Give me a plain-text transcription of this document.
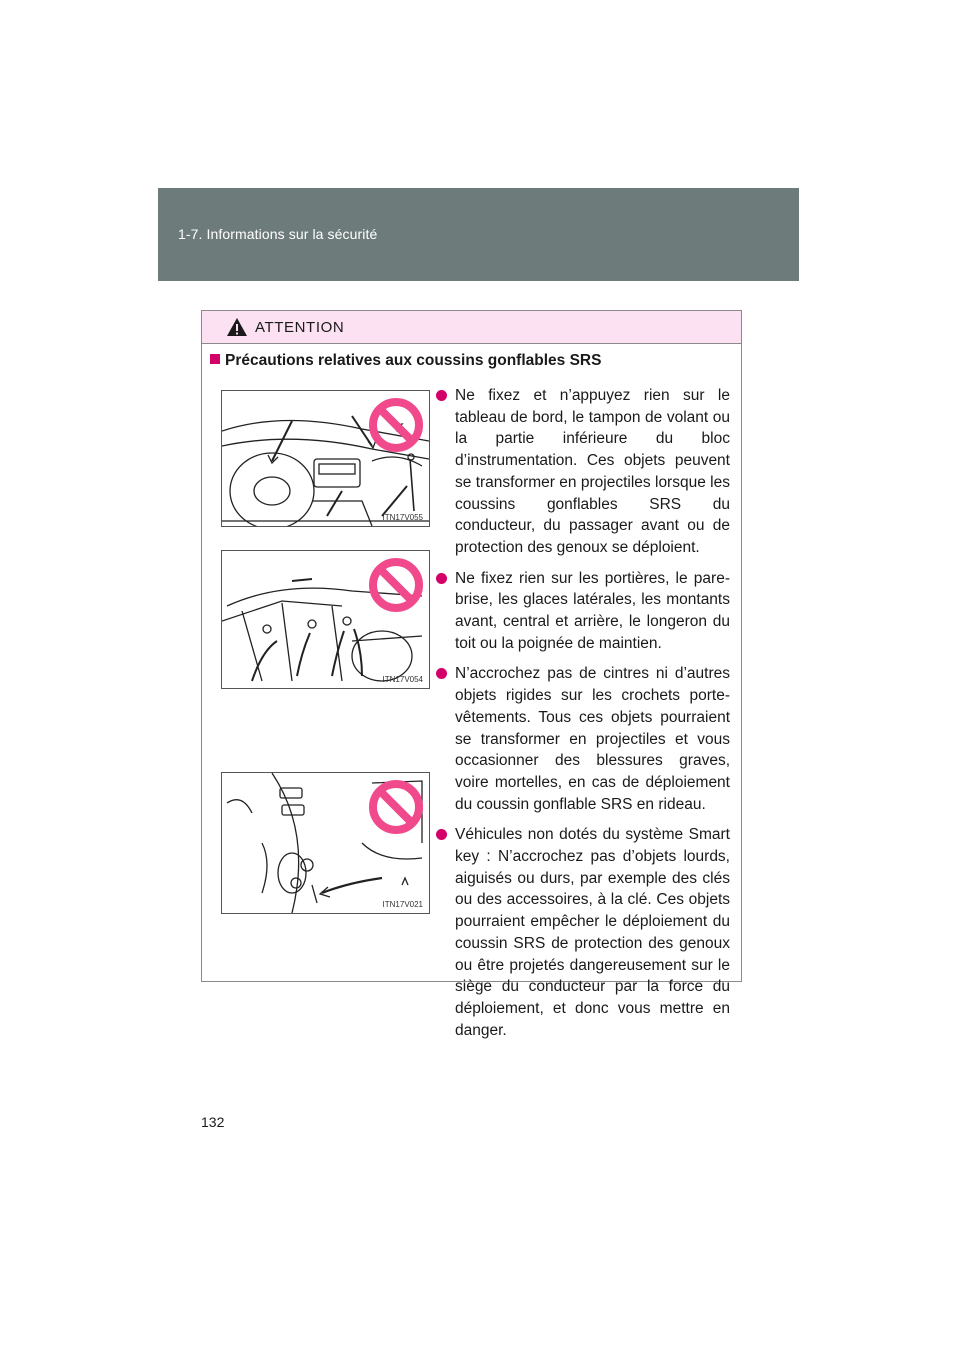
1-7. Informations sur la sécurité
ATTENTION
Précautions relatives aux coussins gonflables SRS
ITN17V055
ITN17V054
ITN17V021
Ne fixez et n’appuyez rien sur le tableau de bord, le tampon de volant ou la partie inférieure du bloc d’instrumentation. Ces objets peuvent se transformer en projectiles lorsque les coussins gonflables SRS du conducteur, du passager avant ou de protection des genoux se déploient.
Ne fixez rien sur les portières, le pare-brise, les glaces latérales, les montants avant, central et arrière, le longeron du toit ou la poignée de maintien.
N’accrochez pas de cintres ni d’autres objets rigides sur les crochets porte-vêtements. Tous ces objets pourraient se transformer en projectiles et vous occasionner des blessures graves, voire mortelles, en cas de déploiement du coussin gonflable SRS en rideau.
Véhicules non dotés du système Smart key : N’accrochez pas d’objets lourds, aiguisés ou durs, par exemple des clés ou des accessoires, à la clé. Ces objets pourraient empêcher le déploiement du coussin SRS de protection des genoux ou être projetés dangereusement sur le siège du conducteur par la force du déploiement, et donc vous mettre en danger.
132
